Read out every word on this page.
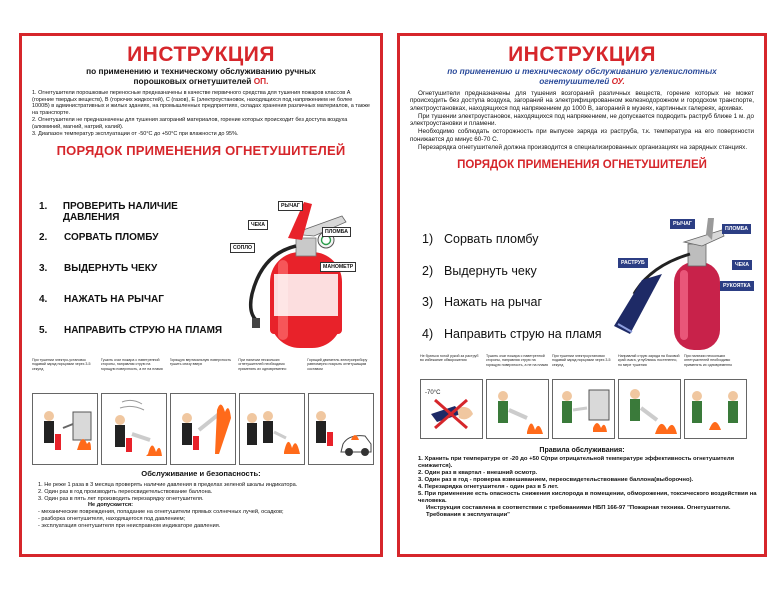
ИНСТРУКЦИЯ
по применению и техническому обслуживанию ручных
порошковых огнетушителей ОП.

1. Огнетушители порошковые переносные предназначены в качестве первичного средства для тушения пожаров классов А (горение твердых веществ), В (горючих жидкостей), С (газов), Е (электроустановок, находящихся под напряжением не более 1000В) в административных и жилых зданиях, на промышленных предприятиях, складах хранения различных материалов, а также на транспорте.

2. Огнетушители не предназначены для тушения загораний материалов, горение которых происходит без доступа воздуха (алюминий, магний, натрий, калий).

3. Диапазон температур эксплуатации от -50°С до +50°С при влажности до 95%.

ПОРЯДОК ПРИМЕНЕНИЯ ОГНЕТУШИТЕЛЕЙ
1.	ПРОВЕРИТЬ НАЛИЧИЕ ДАВЛЕНИЯ
2.	СОРВАТЬ ПЛОМБУ
3.	ВЫДЕРНУТЬ ЧЕКУ
4.	НАЖАТЬ НА РЫЧАГ
5.	НАПРАВИТЬ СТРУЮ НА ПЛАМЯ
РЫЧАГ
ЧЕКА
ПЛОМБА
СОПЛО
МАНОМЕТР
При тушении электро-установок подавай заряд порциями через 3-5 секунд
Тушить очаг пожара с наветренной стороны, направляя струю на горящую поверхность, а не на пламя
Горящую вертикальную поверхность тушить снизу вверх
При наличии нескольких огнетушителей необходимо применять их одновременно
Горящий двигатель электроприбору равномерно покрыть огнетушащим составом
Обслуживание и безопасность:
1. Не реже 1 раза в 3 месяца проверять наличие давления в пределах зеленой шкалы индикатора.
2. Один раз в год производить переосвидетельствование баллона.
3. Один раз в пять лет производить перезарядку огнетушителя.
Не допускается:
- механические повреждения, попадание на огнетушители прямых солнечных лучей, осадков;
- разборка огнетушителя, находящегося под давлением;
- эксплуатация огнетушителя при неисправном индикаторе давления.
ИНСТРУКЦИЯ
по применению и техническому обслуживанию углекислотных
огнетушителей ОУ.

Огнетушители предназначены для тушения возгораний различных веществ, горение которых не может происходить без доступа воздуха, загораний на электрифицированном железнодорожном и городском транспорте, электроустановках, находящихся под напряжением до 1000 В, загораний в музеях, картинных галереях, архивах.

При тушении электроустановок, находящихся под напряжением, не допускается подводить раструб ближе 1 м. до электроустановки и пламени.

Необходимо соблюдать осторожность при выпуске заряда из раструба, т.к. температура на его поверхности понижается до минус 60-70 С.

Перезарядка огнетушителей должна производится в специализированных организациях на зарядных станциях.

ПОРЯДОК ПРИМЕНЕНИЯ ОГНЕТУШИТЕЛЕЙ
1) Сорвать пломбу
2) Выдернуть чеку
3) Нажать на рычаг
4) Направить струю на пламя
РЫЧАГ
ПЛОМБА
РАСТРУБ	ЧЕКА
РУКОЯТКА
Не браться голой рукой за раструб во избежание обморожения
Тушить очаг пожара с наветренной стороны, направляя струю на горящую поверхность, а не на пламя
При тушении электроустановки подавай заряд порциями через 3-5 секунд
Направляй струю заряда на боковой край очага, углубляясь постепенно, по мере тушения
При наличии нескольких огнетушителей необходимо применять их одновременно
-70°C
Правила обслуживания:
1. Хранить при температуре от -20 до +50 С(при отрицательной температуре эффективность огнетушителя снижается).
2. Один раз в квартал - внешний осмотр.
3. Один раз в год - проверка взвешиванием, переосвидетельствование баллона(выборочно).
4. Перезарядка огнетушителя - один раз в 5 лет.
5. При применение есть опасность снижения кислорода в помещении, обморожения, токсического воздействия на человека.
Инструкция составлена в соответствии с требованиями НБП 166-97 "Пожарная техника. Огнетушители. Требования к эксплуатации"
